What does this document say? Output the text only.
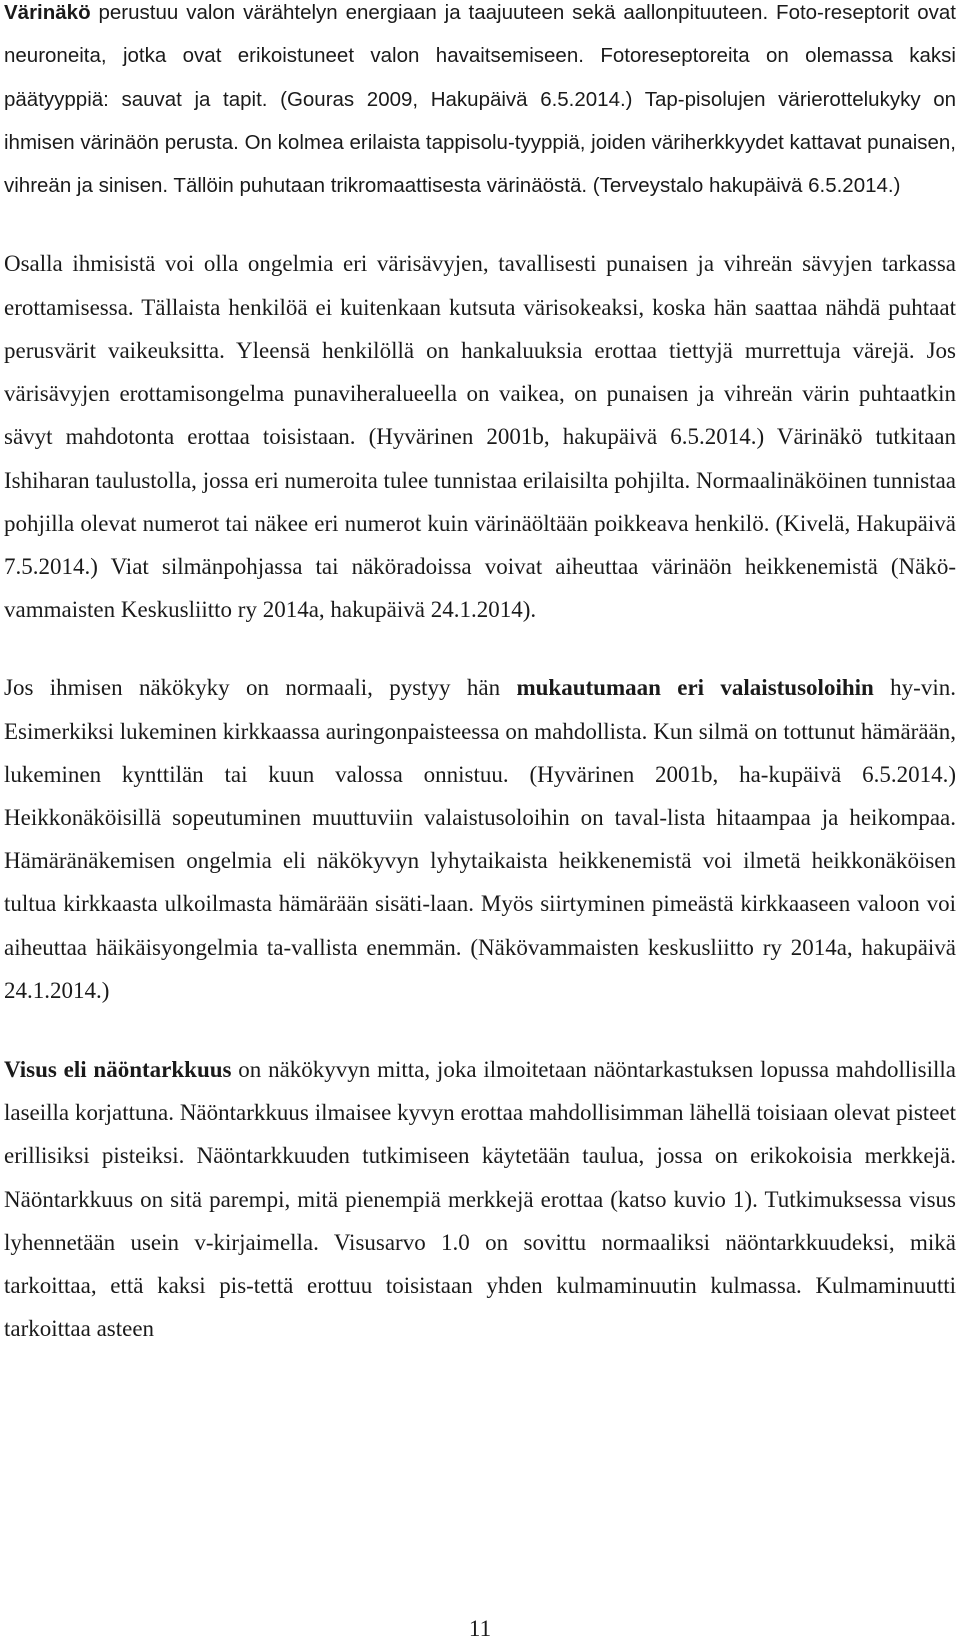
Värinäkö perustuu valon värähtelyn energiaan ja taajuuteen sekä aallonpituuteen. Foto-reseptorit ovat neuroneita, jotka ovat erikoistuneet valon havaitsemiseen. Fotoreseptoreita on olemassa kaksi päätyyppiä: sauvat ja tapit. (Gouras 2009, Hakupäivä 6.5.2014.) Tap-pisolujen värierottelukyky on ihmisen värinäön perusta. On kolmea erilaista tappisolu-tyyppiä, joiden väriherkkyydet kattavat punaisen, vihreän ja sinisen. Tällöin puhutaan trikromaattisesta värinäöstä. (Terveystalo hakupäivä 6.5.2014.)

Osalla ihmisistä voi olla ongelmia eri värisävyjen, tavallisesti punaisen ja vihreän sävyjen tarkassa erottamisessa. Tällaista henkilöä ei kuitenkaan kutsuta värisokeaksi, koska hän saattaa nähdä puhtaat perusvärit vaikeuksitta. Yleensä henkilöllä on hankaluuksia erottaa tiettyjä murrettuja värejä. Jos värisävyjen erottamisongelma punaviheralueella on vaikea, on punaisen ja vihreän värin puhtaatkin sävyt mahdotonta erottaa toisistaan. (Hyvärinen 2001b, hakupäivä 6.5.2014.) Värinäkö tutkitaan Ishiharan taulustolla, jossa eri numeroita tulee tunnistaa erilaisilta pohjilta. Normaalinäköinen tunnistaa pohjilla olevat numerot tai näkee eri numerot kuin värinäöltään poikkeava henkilö. (Kivelä, Hakupäivä 7.5.2014.) Viat silmänpohjassa tai näköradoissa voivat aiheuttaa värinäön heikkenemistä (Näkö-vammaisten Keskusliitto ry 2014a, hakupäivä 24.1.2014).

Jos ihmisen näkökyky on normaali, pystyy hän mukautumaan eri valaistusoloihin hy-vin. Esimerkiksi lukeminen kirkkaassa auringonpaisteessa on mahdollista. Kun silmä on tottunut hämärään, lukeminen kynttilän tai kuun valossa onnistuu. (Hyvärinen 2001b, ha-kupäivä 6.5.2014.) Heikkonäköisillä sopeutuminen muuttuviin valaistusoloihin on taval-lista hitaampaa ja heikompaa. Hämäränäkemisen ongelmia eli näkökyvyn lyhytaikaista heikkenemistä voi ilmetä heikkonäköisen tultua kirkkaasta ulkoilmasta hämärään sisäti-laan. Myös siirtyminen pimeästä kirkkaaseen valoon voi aiheuttaa häikäisyongelmia ta-vallista enemmän. (Näkövammaisten keskusliitto ry 2014a, hakupäivä 24.1.2014.)

Visus eli näöntarkkuus on näkökyvyn mitta, joka ilmoitetaan näöntarkastuksen lopussa mahdollisilla laseilla korjattuna. Näöntarkkuus ilmaisee kyvyn erottaa mahdollisimman lähellä toisiaan olevat pisteet erillisiksi pisteiksi. Näöntarkkuuden tutkimiseen käytetään taulua, jossa on erikokoisia merkkejä. Näöntarkkuus on sitä parempi, mitä pienempiä merkkejä erottaa (katso kuvio 1). Tutkimuksessa visus lyhennetään usein v-kirjaimella. Visusarvo 1.0 on sovittu normaaliksi näöntarkkuudeksi, mikä tarkoittaa, että kaksi pis-tettä erottuu toisistaan yhden kulmaminuutin kulmassa. Kulmaminuutti tarkoittaa asteen

11
